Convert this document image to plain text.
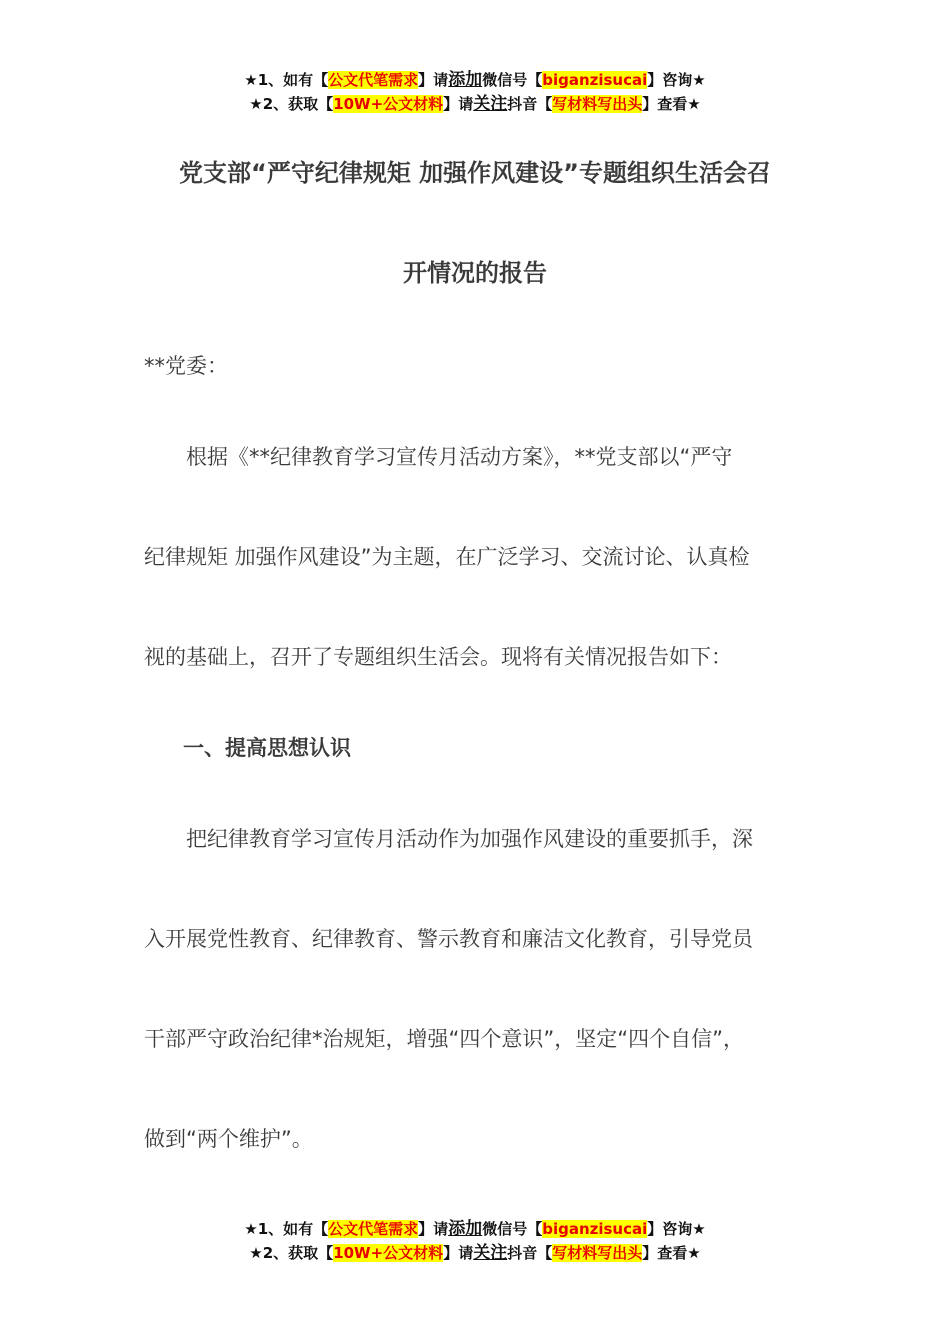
★1、如有【公文代笔需求】请添加微信号【biganzisucai】咨询★
★2、获取【10W+公文材料】请关注抖音【写材料写出头】查看★
党支部“严守纪律规矩 加强作风建设”专题组织生活会召
开情况的报告
**党委：
　　根据《**纪律教育学习宣传月活动方案》，**党支部以“严守
纪律规矩 加强作风建设”为主题，在广泛学习、交流讨论、认真检
视的基础上，召开了专题组织生活会。现将有关情况报告如下：
一、提高思想认识
　　把纪律教育学习宣传月活动作为加强作风建设的重要抓手，深
入开展党性教育、纪律教育、警示教育和廉洁文化教育，引导党员
干部严守政治纪律*治规矩，增强“四个意识”，坚定“四个自信”，
做到“两个维护”。
★1、如有【公文代笔需求】请添加微信号【biganzisucai】咨询★
★2、获取【10W+公文材料】请关注抖音【写材料写出头】查看★
